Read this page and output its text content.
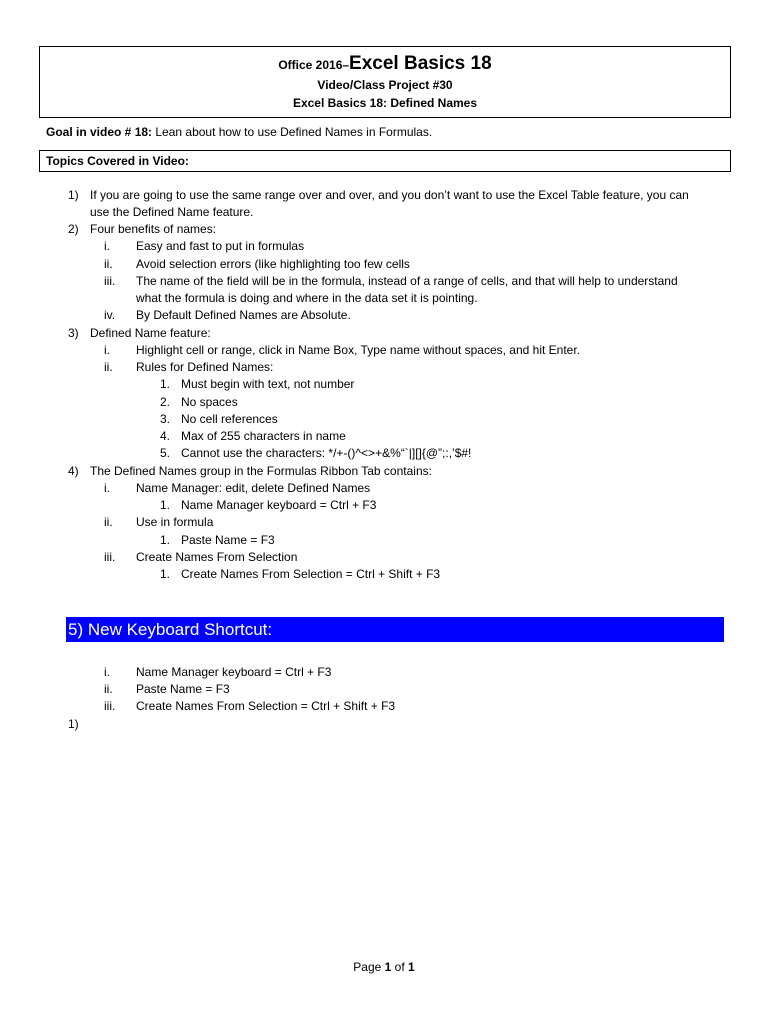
Office 2016–Excel Basics 18
Video/Class Project #30
Excel Basics 18: Defined Names
Goal in video # 18: Lean about how to use Defined Names in Formulas.
Topics Covered in Video:
1) If you are going to use the same range over and over, and you don’t want to use the Excel Table feature, you can
use the Defined Name feature.
2) Four benefits of names:
i. Easy and fast to put in formulas
ii. Avoid selection errors (like highlighting too few cells
iii. The name of the field will be in the formula, instead of a range of cells, and that will help to understand
what the formula is doing and where in the data set it is pointing.
iv. By Default Defined Names are Absolute.
3) Defined Name feature:
i. Highlight cell or range, click in Name Box, Type name without spaces, and hit Enter.
ii. Rules for Defined Names:
1. Must begin with text, not number
2. No spaces
3. No cell references
4. Max of 255 characters in name
5. Cannot use the characters: */+-()^<>+&%“`|][]{@”;:,’$#!
4) The Defined Names group in the Formulas Ribbon Tab contains:
i. Name Manager: edit, delete Defined Names
1. Name Manager keyboard = Ctrl + F3
ii. Use in formula
1. Paste Name = F3
iii. Create Names From Selection
1. Create Names From Selection = Ctrl + Shift + F3
5) New Keyboard Shortcut:
i. Name Manager keyboard = Ctrl + F3
ii. Paste Name = F3
iii. Create Names From Selection = Ctrl + Shift + F3
1)
Page 1 of 1
